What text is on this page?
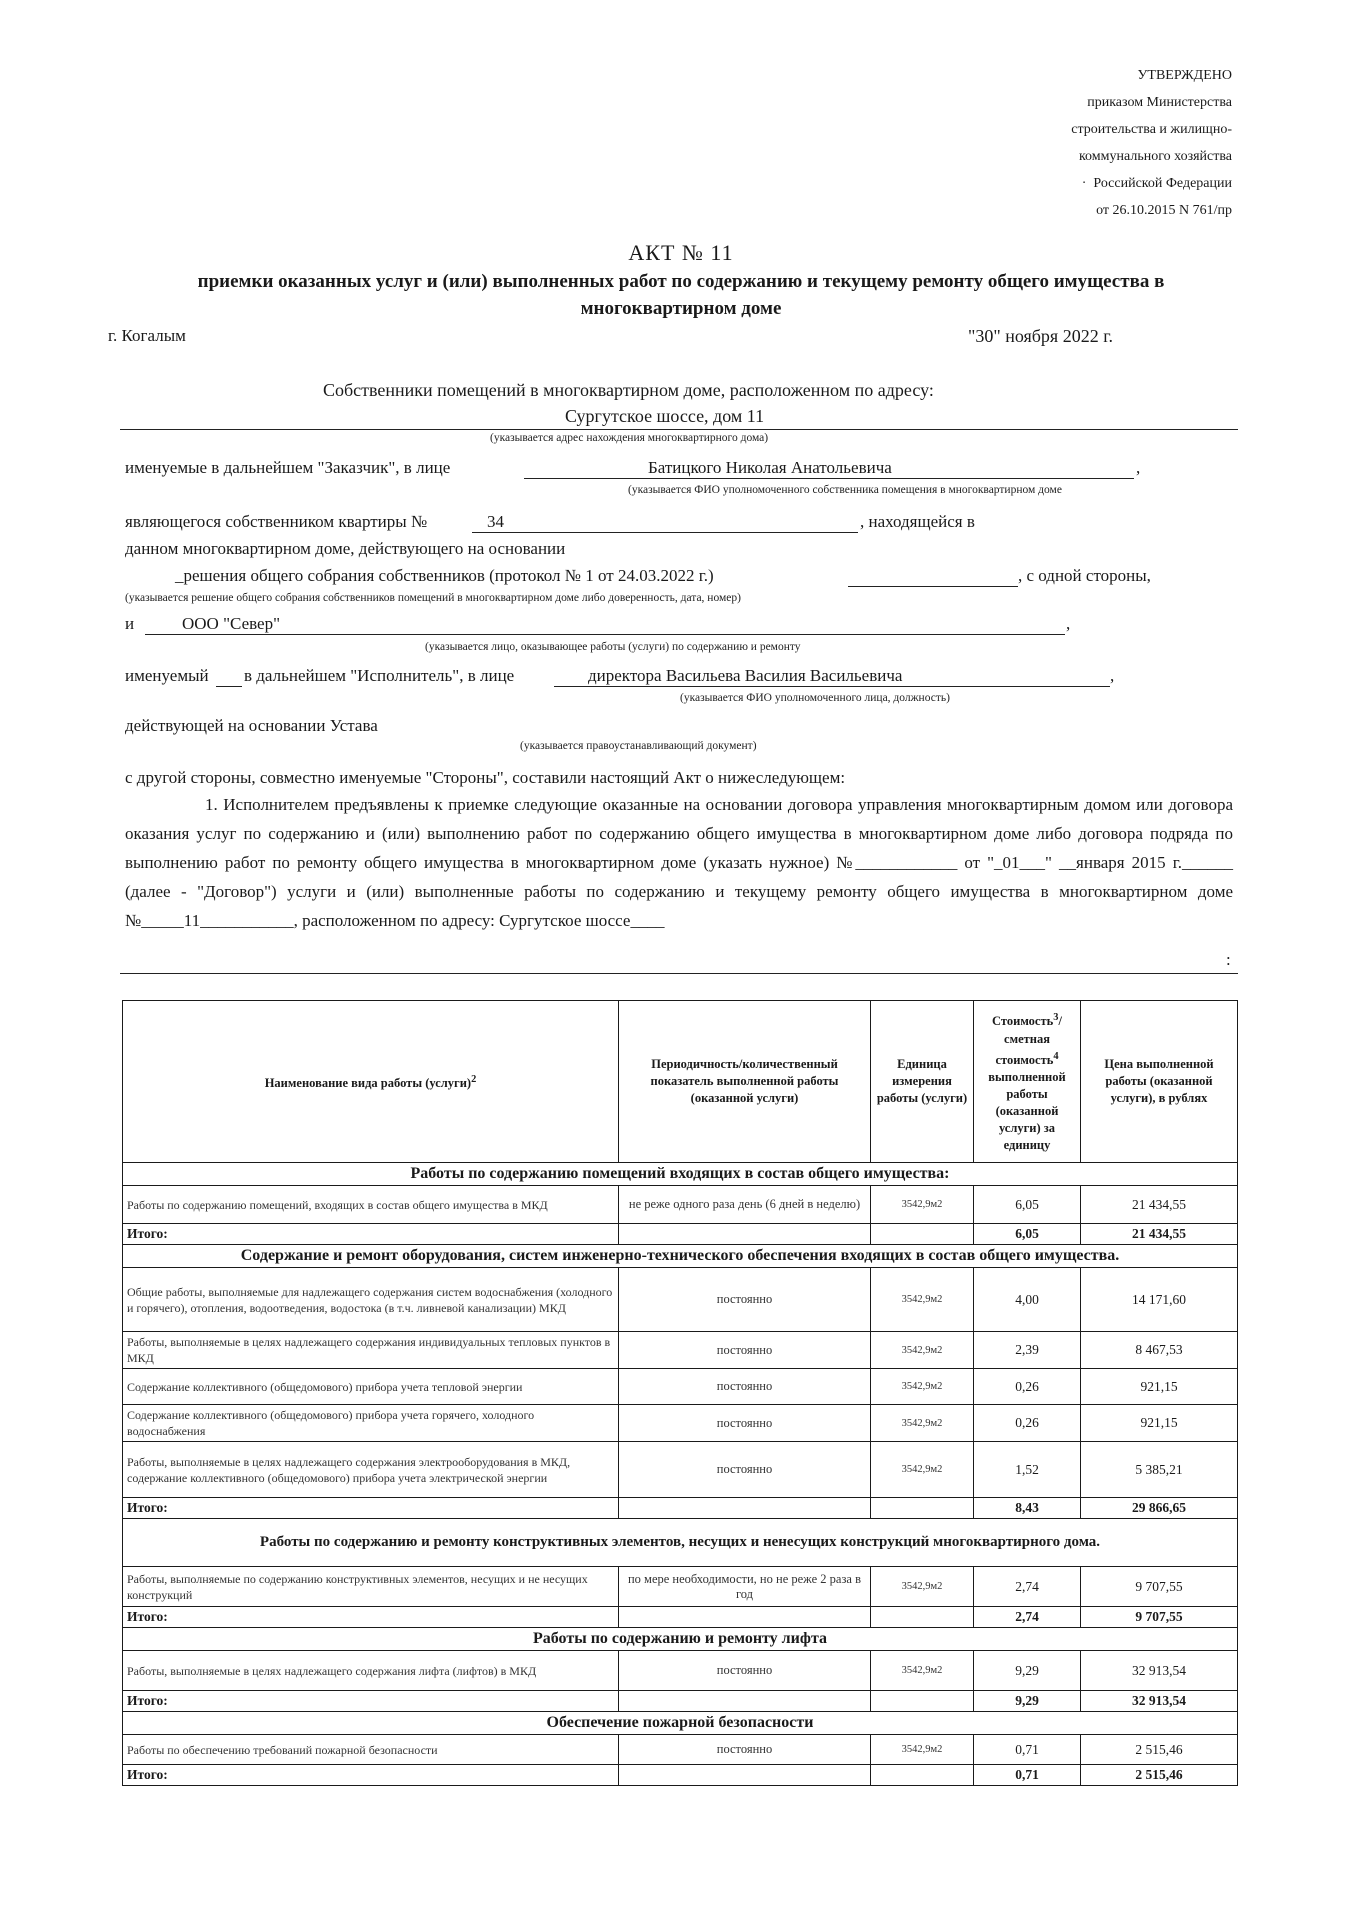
УТВЕРЖДЕНО
приказом Министерства
строительства и жилищно-
коммунального хозяйства
·  Российской Федерации
от 26.10.2015 N 761/пр
АКТ № 11
приемки оказанных услуг и (или) выполненных работ по содержанию и текущему ремонту общего имущества в многоквартирном доме
г. Когалым	"30" ноября 2022 г.
Собственники помещений в многоквартирном доме, расположенном по адресу:
Сургутское шоссе, дом 11
(указывается адрес нахождения многоквартирного дома)
именуемые в дальнейшем "Заказчик", в лице	Батицкого Николая Анатольевича	,
(указывается ФИО уполномоченного собственника помещения в многоквартирном доме
являющегося собственником квартиры №	34	, находящейся в
данном многоквартирном доме, действующего на основании
_решения общего собрания собственников (протокол № 1 от 24.03.2022 г.)	, с одной стороны,
(указывается решение общего собрания собственников помещений в многоквартирном доме либо доверенность, дата, номер)
и	ООО "Север"	,
(указывается лицо, оказывающее работы (услуги) по содержанию и ремонту
именуемый в дальнейшем "Исполнитель", в лице	директора Васильева Василия Васильевича	,
(указывается ФИО уполномоченного лица, должность)
действующей на основании Устава
(указывается правоустанавливающий документ)
с другой стороны, совместно именуемые "Стороны", составили настоящий Акт о нижеследующем:
1. Исполнителем предъявлены к приемке следующие оказанные на основании договора управления многоквартирным домом или договора оказания услуг по содержанию и (или) выполнению работ по содержанию общего имущества в многоквартирном доме либо договора подряда по выполнению работ по ремонту общего имущества в многоквартирном доме (указать нужное) №____________ от "_01___" __января 2015 г.______ (далее - "Договор") услуги и (или) выполненные работы по содержанию и текущему ремонту общего имущества в многоквартирном доме №_____11___________, расположенном по адресу: Сургутское шоссе____
:
Наименование вида работы (услуги)$^2$	Периодичность/количественный показатель выполненной работы (оказанной услуги)	Единица измерения работы (услуги)	Стоимость$^3$/сметная стоимость$^4$ выполненной работы (оказанной услуги) за единицу	Цена выполненной работы (оказанной услуги), в рублях
Работы по содержанию помещений входящих в состав общего имущества:				
Работы по содержанию помещений, входящих в состав общего имущества в МКД	не реже одного раза день (6 дней в неделю)	3542,9м2	6,05	21 434,55
Итого:			6,05	21 434,55
Содержание и ремонт оборудования, систем инженерно-технического обеспечения входящих в состав общего имущества.				
Общие работы, выполняемые для надлежащего содержания систем водоснабжения (холодного и горячего), отопления, водоотведения, водостока (в т.ч. ливневой канализации) МКД	постоянно	3542,9м2	4,00	14 171,60
Работы, выполняемые в целях надлежащего содержания индивидуальных тепловых пунктов в МКД	постоянно	3542,9м2	2,39	8 467,53
Содержание коллективного (общедомового) прибора учета тепловой энергии	постоянно	3542,9м2	0,26	921,15
Содержание коллективного (общедомового) прибора учета горячего, холодного водоснабжения	постоянно	3542,9м2	0,26	921,15
Работы, выполняемые в целях надлежащего содержания электрооборудования в МКД, содержание коллективного (общедомового) прибора учета электрической энергии	постоянно	3542,9м2	1,52	5 385,21
Итого:			8,43	29 866,65
Работы по содержанию и ремонту конструктивных элементов, несущих и ненесущих конструкций многоквартирного дома.				
Работы, выполняемые по содержанию конструктивных элементов, несущих и не несущих конструкций	по мере необходимости, но не реже 2 раза в год	3542,9м2	2,74	9 707,55
Итого:			2,74	9 707,55
Работы по содержанию и ремонту лифта				
Работы, выполняемые в целях надлежащего содержания лифта (лифтов) в МКД	постоянно	3542,9м2	9,29	32 913,54
Итого:			9,29	32 913,54
Обеспечение пожарной безопасности				
Работы по обеспечению требований пожарной безопасности	постоянно	3542,9м2	0,71	2 515,46
Итого:			0,71	2 515,46
